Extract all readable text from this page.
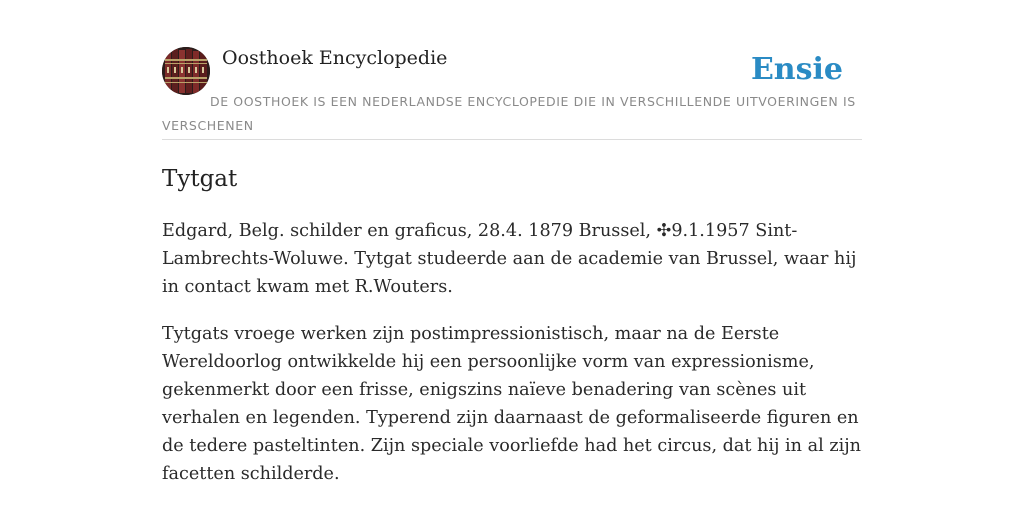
Oosthoek Encyclopedie	Ensie

DE OOSTHOEK IS EEN NEDERLANDSE ENCYCLOPEDIE DIE IN VERSCHILLENDE UITVOERINGEN IS VERSCHENEN

Tytgat

Edgard, Belg. schilder en graficus, 28.4. 1879 Brussel, ✣9.1.1957 Sint-Lambrechts-Woluwe. Tytgat studeerde aan de academie van Brussel, waar hij in contact kwam met R.Wouters.

Tytgats vroege werken zijn postimpressionistisch, maar na de Eerste Wereldoorlog ontwikkelde hij een persoonlijke vorm van expressionisme, gekenmerkt door een frisse, enigszins naïeve benadering van scènes uit verhalen en legenden. Typerend zijn daarnaast de geformaliseerde figuren en de tedere pasteltinten. Zijn speciale voorliefde had het circus, dat hij in al zijn facetten schilderde.
